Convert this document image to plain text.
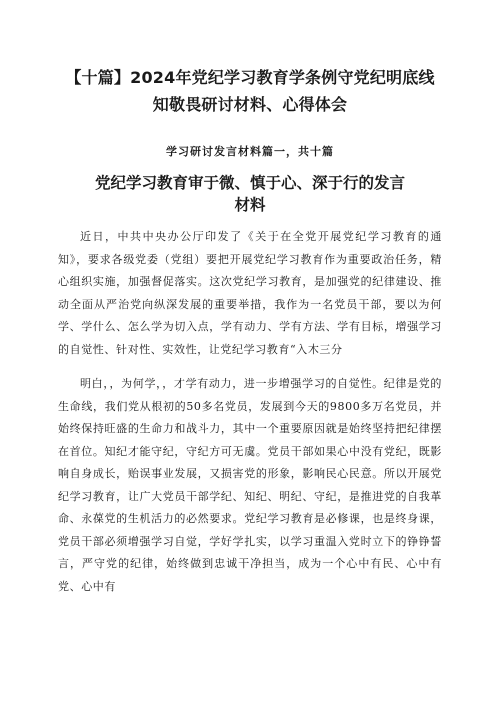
【十篇】2024年党纪学习教育学条例守党纪明底线
知敬畏研讨材料、心得体会
学习研讨发言材料篇一，共十篇
党纪学习教育审于微、慎于心、深于行的发言
材料

近日，中共中央办公厅印发了《关于在全党开展党纪学习教育的通知》，要求各级党委（党组）要把开展党纪学习教育作为重要政治任务，精心组织实施，加强督促落实。这次党纪学习教育，是加强党的纪律建设、推动全面从严治党向纵深发展的重要举措，我作为一名党员干部，要以为何学、学什么、怎么学为切入点，学有动力、学有方法、学有目标，增强学习的自觉性、针对性、实效性，让党纪学习教育“入木三分

明白，，为何学，，才学有动力，进一步增强学习的自觉性。纪律是党的生命线，我们党从根初的50多名党员，发展到今天的9800多万名党员，并始终保持旺盛的生命力和战斗力，其中一个重要原因就是始终坚持把纪律摆在首位。知纪才能守纪，守纪方可无虞。党员干部如果心中没有党纪，既影响自身成长，贻误事业发展，又损害党的形象，影响民心民意。所以开展党纪学习教育，让广大党员干部学纪、知纪、明纪、守纪，是推进党的自我革命、永葆党的生机活力的必然要求。党纪学习教育是必修课，也是终身课，党员干部必须增强学习自觉，学好学扎实，以学习重温入党时立下的铮铮誓言，严守党的纪律，始终做到忠诚干净担当，成为一个心中有民、心中有党、心中有
